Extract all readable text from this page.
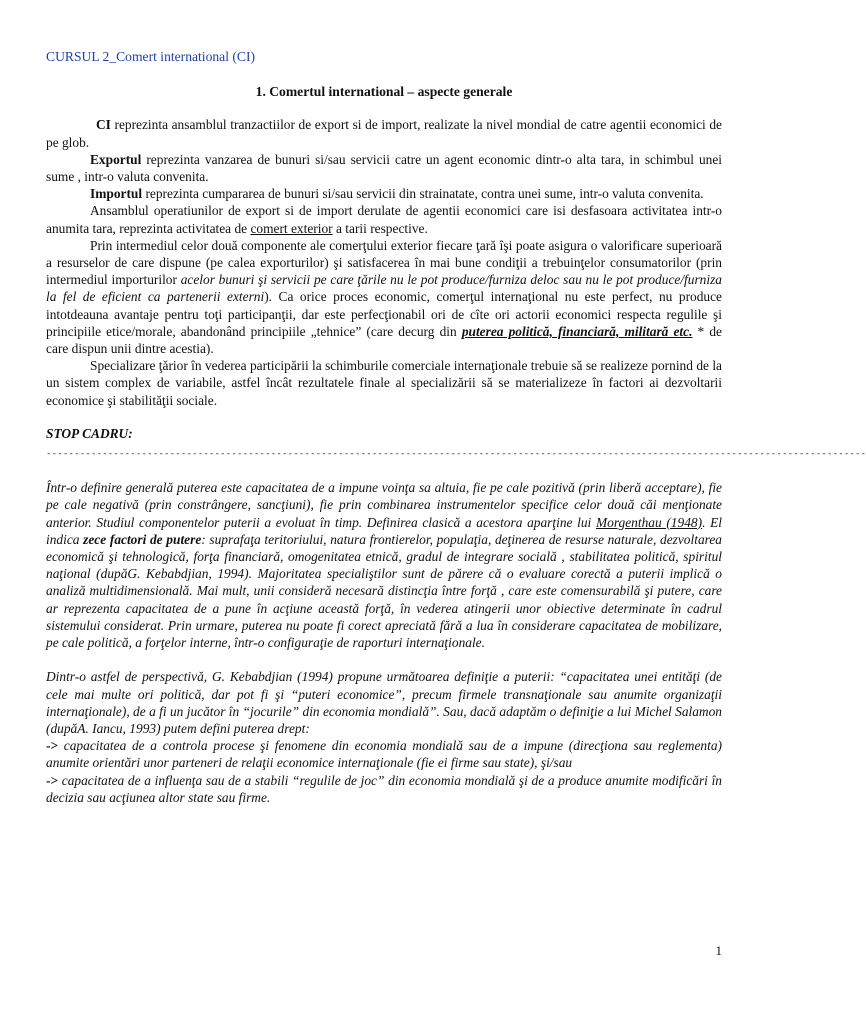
CURSUL 2_Comert international (CI)
1. Comertul international – aspecte generale

CI reprezinta ansamblul tranzactiilor de export si de import, realizate la nivel mondial de catre agentii economici de pe glob.

Exportul reprezinta vanzarea de bunuri si/sau servicii catre un agent economic dintr-o alta tara, in schimbul unei sume , intr-o valuta convenita.

Importul reprezinta cumpararea de bunuri si/sau servicii din strainatate, contra unei sume, intr-o valuta convenita.

Ansamblul operatiunilor de export si de import derulate de agentii economici care isi desfasoara activitatea intr-o anumita tara, reprezinta activitatea de comert exterior a tarii respective.

Prin intermediul celor două componente ale comerţului exterior fiecare ţară îşi poate asigura o valorificare superioară a resurselor de care dispune (pe calea exporturilor) şi satisfacerea în mai bune condiţii a trebuinţelor consumatorilor (prin intermediul importurilor acelor bunuri şi servicii pe care ţările nu le pot produce/furniza deloc sau nu le pot produce/furniza la fel de eficient ca partenerii externi). Ca orice proces economic, comerţul internaţional nu este perfect, nu produce intotdeauna avantaje pentru toţi participanţii, dar este perfecţionabil ori de cîte ori actorii economici respecta regulile şi principiile etice/morale, abandonând principiile „tehnice” (care decurg din puterea politică, financiară, militară etc. * de care dispun unii dintre acestia).

Specializare ţărior în vederea participării la schimburile comerciale internaţionale trebuie să se realizeze pornind de la un sistem complex de variabile, astfel încât rezultatele finale al specializării să se materializeze în factori ai dezvoltarii economice şi stabilităţii sociale.

STOP CADRU:
--------------------------------------------------------------------------------------------------------------------------------------------------

Într-o definire generală puterea este capacitatea de a impune voinţa sa altuia, fie pe cale pozitivă (prin liberă acceptare), fie pe cale negativă (prin constrângere, sancţiuni), fie prin combinarea instrumentelor specifice celor două căi menţionate anterior. Studiul componentelor puterii a evoluat în timp. Definirea clasică a acestora aparţine lui Morgenthau (1948). El indica zece factori de putere: suprafaţa teritoriului, natura frontierelor, populaţia, deţinerea de resurse naturale, dezvoltarea economică şi tehnologică, forţa financiară, omogenitatea etnică, gradul de integrare socială , stabilitatea politică, spiritul naţional (dupăG. Kebabdjian, 1994). Majoritatea specialiştilor sunt de părere că o evaluare corectă a puterii implică o analiză multidimensională. Mai mult, unii consideră necesară distincţia între forţă , care este comensurabilă şi putere, care ar reprezenta capacitatea de a pune în acţiune această forţă, în vederea atingerii unor obiective determinate în cadrul sistemului considerat. Prin urmare, puterea nu poate fi corect apreciată fără a lua în considerare capacitatea de mobilizare, pe cale politică, a forţelor interne, într-o configuraţie de raporturi internaţionale.

Dintr-o astfel de perspectivă, G. Kebabdjian (1994) propune următoarea definiţie a puterii: “capacitatea unei entităţi (de cele mai multe ori politică, dar pot fi şi “puteri economice”, precum firmele transnaţionale sau anumite organizaţii internaţionale), de a fi un jucător în “jocurile” din economia mondială”. Sau, dacă adaptăm o definiţie a lui Michel Salamon (dupăA. Iancu, 1993) putem defini puterea drept:
-> capacitatea de a controla procese şi fenomene din economia mondială sau de a impune (direcţiona sau reglementa) anumite orientări unor parteneri de relaţii economice internaţionale (fie ei firme sau state), şi/sau
-> capacitatea de a influenţa sau de a stabili “regulile de joc” din economia mondială şi de a produce anumite modificări în decizia sau acţiunea altor state sau firme.

1
